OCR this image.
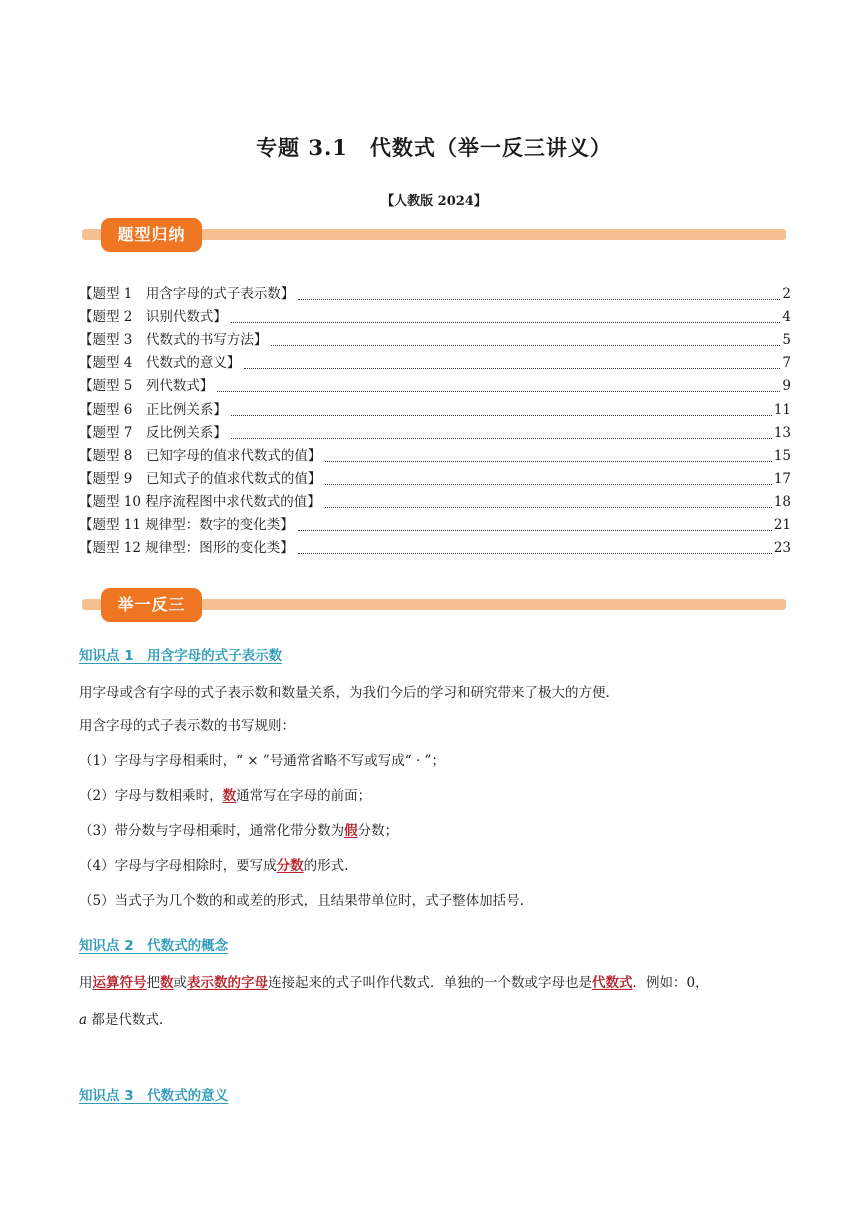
专题 3.1　代数式（举一反三讲义）
【人教版 2024】
题型归纳
【题型 1　用含字母的式子表示数】	2
【题型 2　识别代数式】	4
【题型 3　代数式的书写方法】	5
【题型 4　代数式的意义】	7
【题型 5　列代数式】	9
【题型 6　正比例关系】	11
【题型 7　反比例关系】	13
【题型 8　已知字母的值求代数式的值】	15
【题型 9　已知式子的值求代数式的值】	17
【题型 10 程序流程图中求代数式的值】	18
【题型 11 规律型：数字的变化类】	21
【题型 12 规律型：图形的变化类】	23
举一反三
知识点 1　用含字母的式子表示数
用字母或含有字母的式子表示数和数量关系，为我们今后的学习和研究带来了极大的方便.
用含字母的式子表示数的书写规则：
（1）字母与字母相乘时，“ × ”号通常省略不写或写成“ · ”；
（2）字母与数相乘时，数通常写在字母的前面；
（3）带分数与字母相乘时，通常化带分数为假分数；
（4）字母与字母相除时，要写成分数的形式.
（5）当式子为几个数的和或差的形式，且结果带单位时，式子整体加括号.
知识点 2　代数式的概念
用运算符号把数或表示数的字母连接起来的式子叫作代数式．单独的一个数或字母也是代数式．例如：0，
a 都是代数式.
知识点 3　代数式的意义
